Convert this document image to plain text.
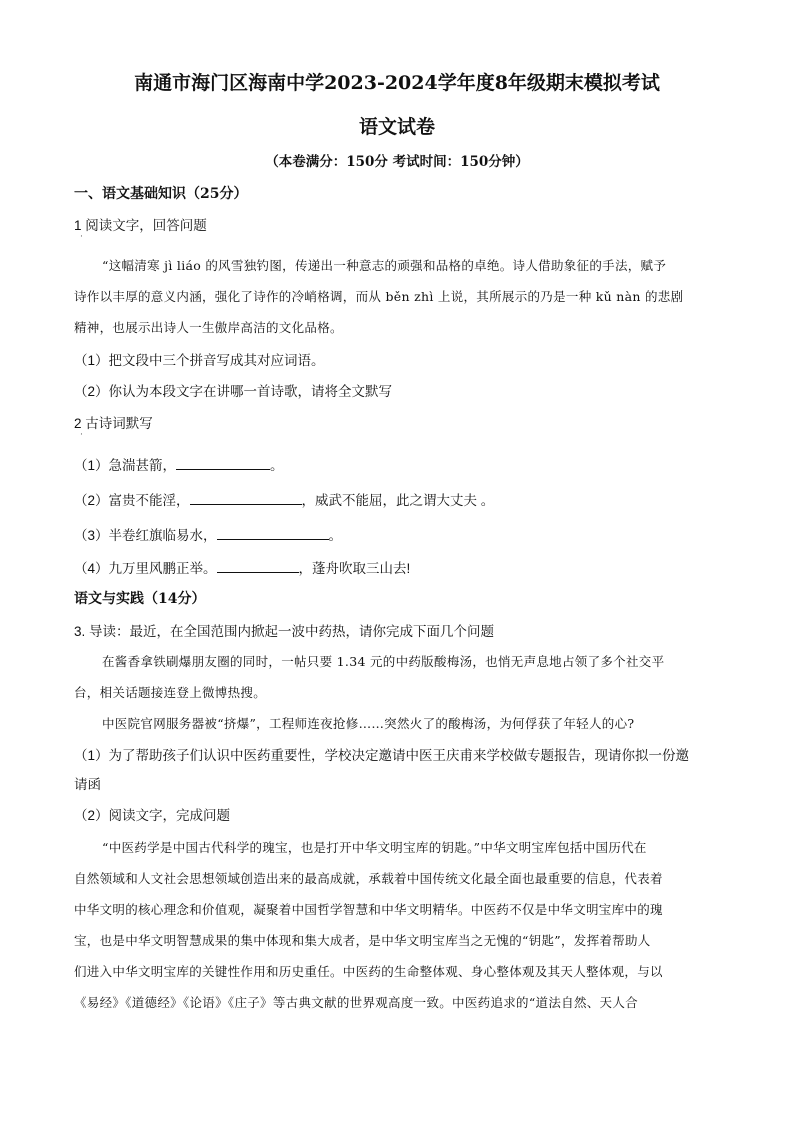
南通市海门区海南中学2023-2024学年度8年级期末模拟考试
语文试卷
（本卷满分：150分 考试时间：150分钟）
一、语文基础知识（25分）
1 阅读文字，回答问题
·
“这幅清寒 jì liáo 的风雪独钓图，传递出一种意志的顽强和品格的卓绝。诗人借助象征的手法，赋予
诗作以丰厚的意义内涵，强化了诗作的冷峭格调，而从 běn zhì 上说，其所展示的乃是一种 kǔ nàn 的悲剧
精神，也展示出诗人一生傲岸高洁的文化品格。
（1）把文段中三个拼音写成其对应词语。
（2）你认为本段文字在讲哪一首诗歌，请将全文默写
2 古诗词默写
·
（1）急湍甚箭，	。
（2）富贵不能淫，	，威武不能屈，此之谓大丈夫 。
（3）半卷红旗临易水，	。
（4）九万里风鹏正举。	，蓬舟吹取三山去!
语文与实践（14分）
3. 导读：最近，在全国范围内掀起一波中药热，请你完成下面几个问题
在酱香拿铁刷爆朋友圈的同时，一帖只要 1.34 元的中药版酸梅汤，也悄无声息地占领了多个社交平
台，相关话题接连登上微博热搜。
中医院官网服务器被“挤爆”，工程师连夜抢修……突然火了的酸梅汤，为何俘获了年轻人的心?
（1）为了帮助孩子们认识中医药重要性，学校决定邀请中医王庆甫来学校做专题报告，现请你拟一份邀
请函
（2）阅读文字，完成问题
“中医药学是中国古代科学的瑰宝，也是打开中华文明宝库的钥匙。”中华文明宝库包括中国历代在
自然领域和人文社会思想领域创造出来的最高成就，承载着中国传统文化最全面也最重要的信息，代表着
中华文明的核心理念和价值观，凝聚着中国哲学智慧和中华文明精华。中医药不仅是中华文明宝库中的瑰
宝，也是中华文明智慧成果的集中体现和集大成者，是中华文明宝库当之无愧的“钥匙”，发挥着帮助人
们进入中华文明宝库的关键性作用和历史重任。中医药的生命整体观、身心整体观及其天人整体观，与以
《易经》《道德经》《论语》《庄子》等古典文献的世界观高度一致。中医药追求的“道法自然、天人合
